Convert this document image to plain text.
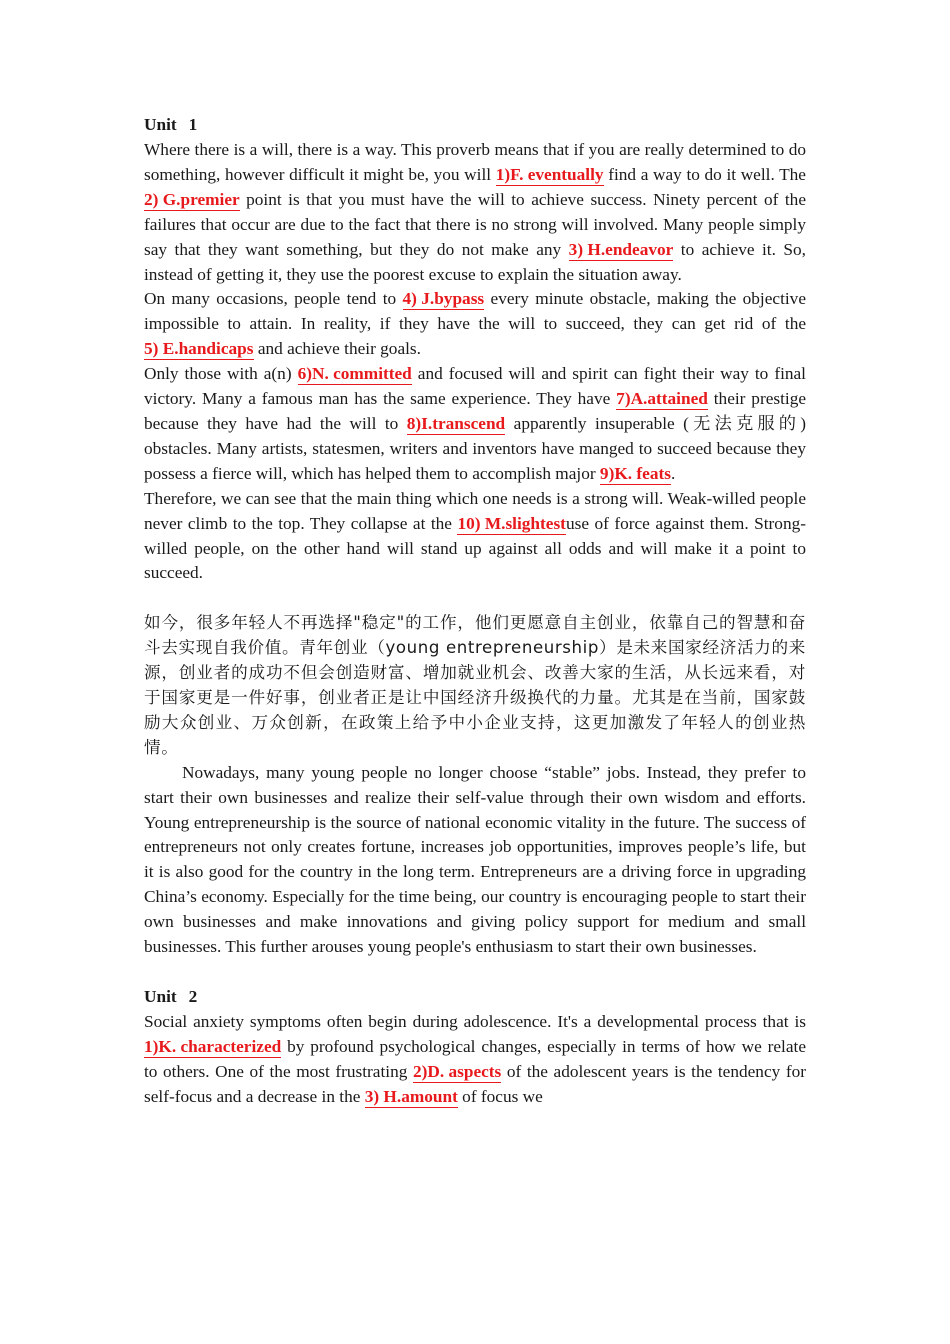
Unit 1
Where there is a will, there is a way. This proverb means that if you are really determined to do something, however difficult it might be, you will 1)F. eventually find a way to do it well. The2) G.premier point is that you must have the will to achieve success. Ninety percent of the failures that occur are due to the fact that there is no strong will involved. Many people simply say that they want something, but they do not make any 3) H.endeavor to achieve it. So, instead of getting it, they use the poorest excuse to explain the situation away.
On many occasions, people tend to 4) J.bypass every minute obstacle, making the objective impossible to attain. In reality, if they have the will to succeed, they can get rid of the5) E.handicaps and achieve their goals.
Only those with a(n) 6)N. committed and focused will and spirit can fight their way to final victory. Many a famous man has the same experience. They have 7)A.attained their prestige because they have had the will to 8)I.transcend apparently insuperable (无法克服的) obstacles. Many artists, statesmen, writers and inventors have manged to succeed because they possess a fierce will, which has helped them to accomplish major 9)K. feats.
Therefore, we can see that the main thing which one needs is a strong will. Weak-willed people never climb to the top. They collapse at the 10) M.slightestuse of force against them. Strong-willed people, on the other hand will stand up against all odds and will make it a point to succeed.
如今，很多年轻人不再选择"稳定"的工作，他们更愿意自主创业，依靠自己的智慧和奋斗去实现自我价值。青年创业（young entrepreneurship）是未来国家经济活力的来源，创业者的成功不但会创造财富、增加就业机会、改善大家的生活，从长远来看，对于国家更是一件好事，创业者正是让中国经济升级换代的力量。尤其是在当前，国家鼓励大众创业、万众创新，在政策上给予中小企业支持，这更加激发了年轻人的创业热情。
Nowadays, many young people no longer choose “stable” jobs. Instead, they prefer to start their own businesses and realize their self-value through their own wisdom and efforts. Young entrepreneurship is the source of national economic vitality in the future. The success of entrepreneurs not only creates fortune, increases job opportunities, improves people’s life, but it is also good for the country in the long term. Entrepreneurs are a driving force in upgrading China’s economy. Especially for the time being, our country is encouraging people to start their own businesses and make innovations and giving policy support for medium and small businesses. This further arouses young people's enthusiasm to start their own businesses.
Unit 2
Social anxiety symptoms often begin during adolescence. It's a developmental process that is 1)K. characterized by profound psychological changes, especially in terms of how we relate to others. One of the most frustrating 2)D. aspects of the adolescent years is the tendency for self-focus and a decrease in the 3) H.amount of focus we
